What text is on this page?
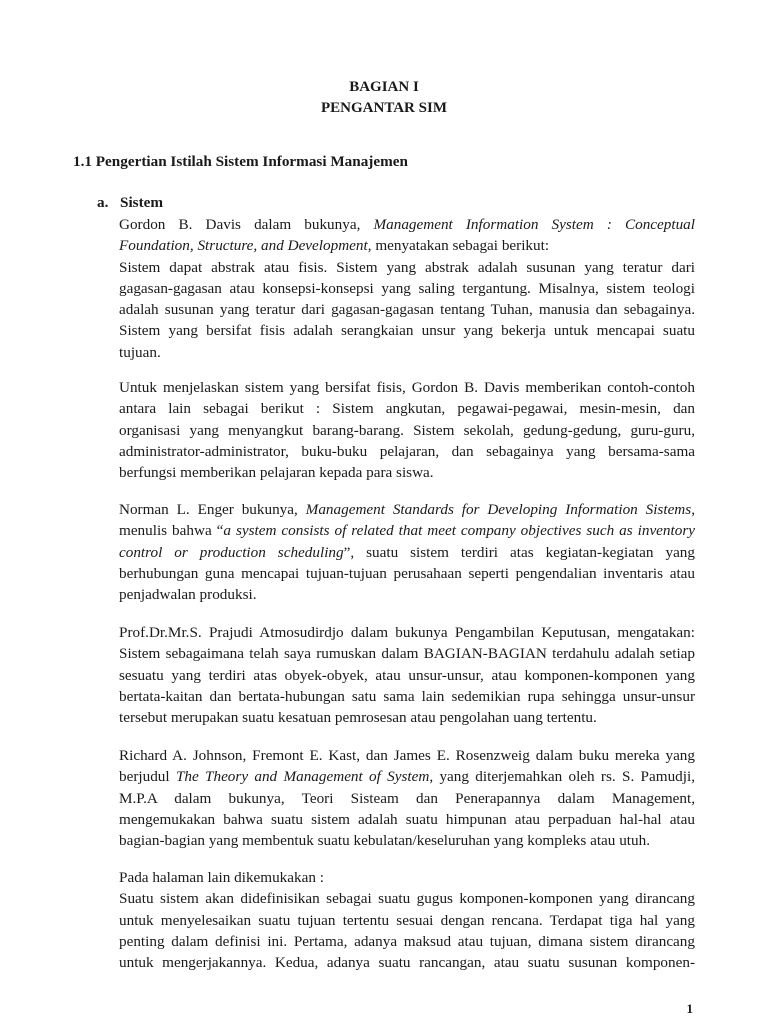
BAGIAN I
PENGANTAR SIM
1.1 Pengertian Istilah Sistem Informasi Manajemen
a. Sistem
Gordon B. Davis dalam bukunya, Management Information System : Conceptual
Foundation, Structure, and Development, menyatakan sebagai berikut:
Sistem dapat abstrak atau fisis. Sistem yang abstrak adalah susunan yang teratur dari
gagasan-gagasan atau konsepsi-konsepsi yang saling tergantung. Misalnya, sistem teologi
adalah susunan yang teratur dari gagasan-gagasan tentang Tuhan, manusia dan sebagainya.
Sistem yang bersifat fisis adalah serangkaian unsur yang bekerja untuk mencapai suatu
tujuan.
Untuk menjelaskan sistem yang bersifat fisis, Gordon B. Davis memberikan contoh-contoh
antara lain sebagai berikut : Sistem angkutan, pegawai-pegawai, mesin-mesin, dan
organisasi yang menyangkut barang-barang. Sistem sekolah, gedung-gedung, guru-guru,
administrator-administrator, buku-buku pelajaran, dan sebagainya yang bersama-sama
berfungsi memberikan pelajaran kepada para siswa.
Norman L. Enger bukunya, Management Standards for Developing Information Sistems,
menulis bahwa “a system consists of related that meet company objectives such as inventory
control or production scheduling”, suatu sistem terdiri atas kegiatan-kegiatan yang
berhubungan guna mencapai tujuan-tujuan perusahaan seperti pengendalian inventaris atau
penjadwalan produksi.
Prof.Dr.Mr.S. Prajudi Atmosudirdjo dalam bukunya Pengambilan Keputusan, mengatakan:
Sistem sebagaimana telah saya rumuskan dalam BAGIAN-BAGIAN terdahulu adalah setiap
sesuatu yang terdiri atas obyek-obyek, atau unsur-unsur, atau komponen-komponen yang
bertata-kaitan dan bertata-hubungan satu sama lain sedemikian rupa sehingga unsur-unsur
tersebut merupakan suatu kesatuan pemrosesan atau pengolahan uang tertentu.
Richard A. Johnson, Fremont E. Kast, dan James E. Rosenzweig dalam buku mereka yang
berjudul The Theory and Management of System, yang diterjemahkan oleh rs. S. Pamudji,
M.P.A dalam bukunya, Teori Sisteam dan Penerapannya dalam Management,
mengemukakan bahwa suatu sistem adalah suatu himpunan atau perpaduan hal-hal atau
bagian-bagian yang membentuk suatu kebulatan/keseluruhan yang kompleks atau utuh.
Pada halaman lain dikemukakan :
Suatu sistem akan didefinisikan sebagai suatu gugus komponen-komponen yang dirancang
untuk menyelesaikan suatu tujuan tertentu sesuai dengan rencana. Terdapat tiga hal yang
penting dalam definisi ini. Pertama, adanya maksud atau tujuan, dimana sistem dirancang
untuk mengerjakannya. Kedua, adanya suatu rancangan, atau suatu susunan komponen-
1
